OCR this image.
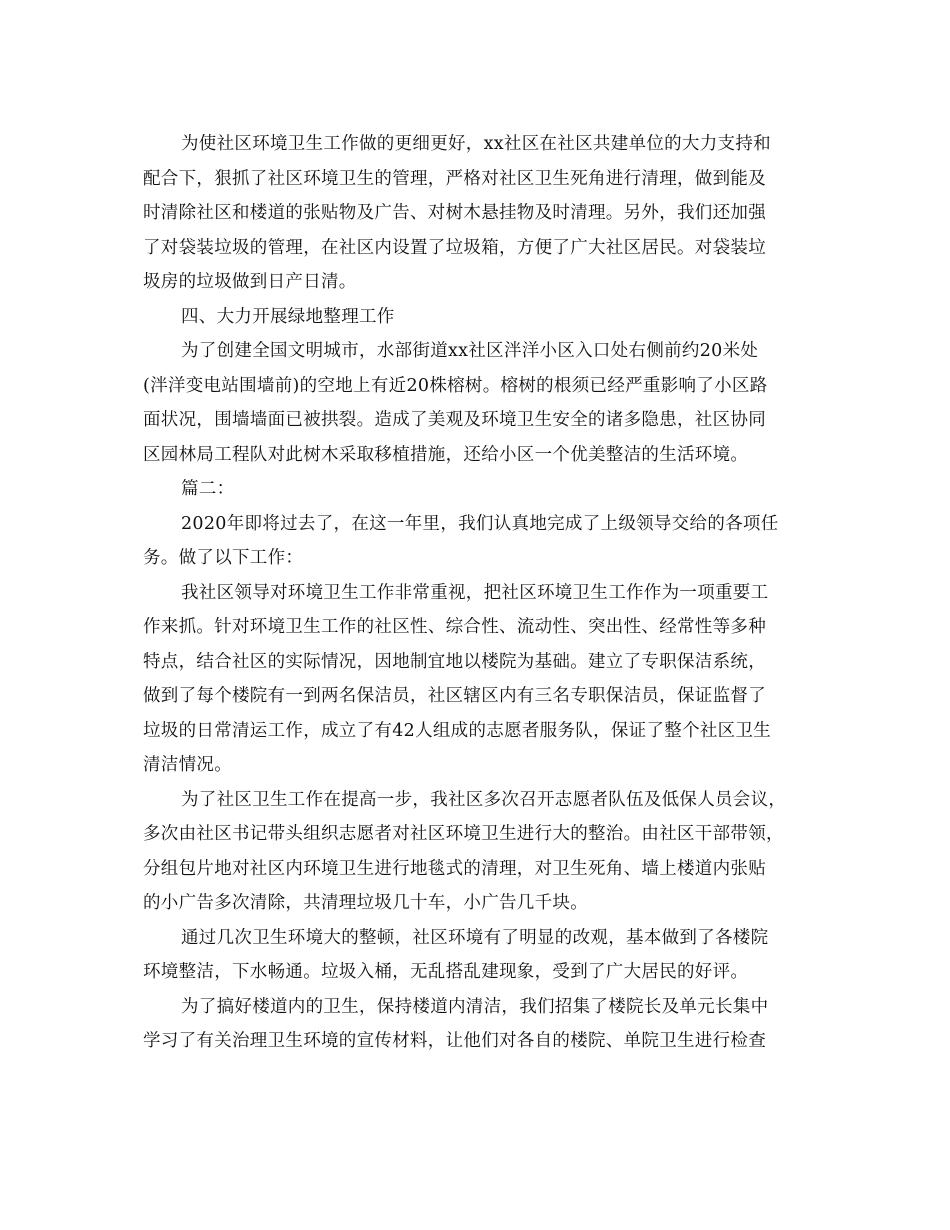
为使社区环境卫生工作做的更细更好，xx社区在社区共建单位的大力支持和
配合下，狠抓了社区环境卫生的管理，严格对社区卫生死角进行清理，做到能及
时清除社区和楼道的张贴物及广告、对树木悬挂物及时清理。另外，我们还加强
了对袋装垃圾的管理，在社区内设置了垃圾箱，方便了广大社区居民。对袋装垃
圾房的垃圾做到日产日清。
四、大力开展绿地整理工作
为了创建全国文明城市，水部街道xx社区泮洋小区入口处右侧前约20米处
(泮洋变电站围墙前)的空地上有近20株榕树。榕树的根须已经严重影响了小区路
面状况，围墙墙面已被拱裂。造成了美观及环境卫生安全的诸多隐患，社区协同
区园林局工程队对此树木采取移植措施，还给小区一个优美整洁的生活环境。
篇二：
2020年即将过去了，在这一年里，我们认真地完成了上级领导交给的各项任
务。做了以下工作：
我社区领导对环境卫生工作非常重视，把社区环境卫生工作作为一项重要工
作来抓。针对环境卫生工作的社区性、综合性、流动性、突出性、经常性等多种
特点，结合社区的实际情况，因地制宜地以楼院为基础。建立了专职保洁系统，
做到了每个楼院有一到两名保洁员，社区辖区内有三名专职保洁员，保证监督了
垃圾的日常清运工作，成立了有42人组成的志愿者服务队，保证了整个社区卫生
清洁情况。
为了社区卫生工作在提高一步，我社区多次召开志愿者队伍及低保人员会议，
多次由社区书记带头组织志愿者对社区环境卫生进行大的整治。由社区干部带领，
分组包片地对社区内环境卫生进行地毯式的清理，对卫生死角、墙上楼道内张贴
的小广告多次清除，共清理垃圾几十车，小广告几千块。
通过几次卫生环境大的整顿，社区环境有了明显的改观，基本做到了各楼院
环境整洁，下水畅通。垃圾入桶，无乱搭乱建现象，受到了广大居民的好评。
为了搞好楼道内的卫生，保持楼道内清洁，我们招集了楼院长及单元长集中
学习了有关治理卫生环境的宣传材料，让他们对各自的楼院、单院卫生进行检查
